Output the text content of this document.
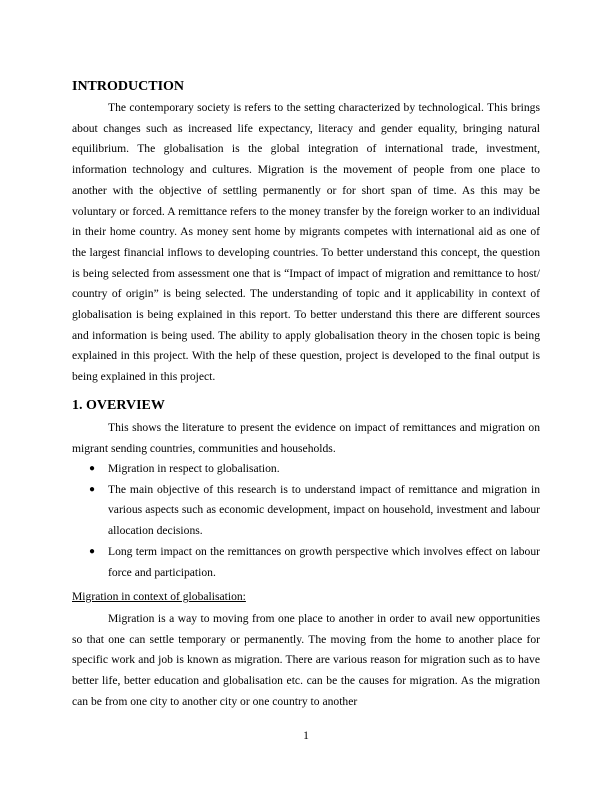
INTRODUCTION

The contemporary society is refers to the setting characterized by technological. This brings about changes such as increased life expectancy, literacy and gender equality, bringing natural equilibrium. The globalisation is the global integration of international trade, investment, information technology and cultures. Migration is the movement of people from one place to another with the objective of settling permanently or for short span of time. As this may be voluntary or forced. A remittance refers to the money transfer by the foreign worker to an individual in their home country. As money sent home by migrants competes with international aid as one of the largest financial inflows to developing countries. To better understand this concept, the question is being selected from assessment one that is “Impact of impact of migration and remittance to host/ country of origin” is being selected. The understanding of topic and it applicability in context of globalisation is being explained in this report. To better understand this there are different sources and information is being used. The ability to apply globalisation theory in the chosen topic is being explained in this project. With the help of these question, project is developed to the final output is being explained in this project.

1. OVERVIEW

This shows the literature to present the evidence on impact of remittances and migration on migrant sending countries, communities and households.

● Migration in respect to globalisation.
● The main objective of this research is to understand impact of remittance and migration in various aspects such as economic development, impact on household, investment and labour allocation decisions.
● Long term impact on the remittances on growth perspective which involves effect on labour force and participation.

Migration in context of globalisation:

Migration is a way to moving from one place to another in order to avail new opportunities so that one can settle temporary or permanently. The moving from the home to another place for specific work and job is known as migration. There are various reason for migration such as to have better life, better education and globalisation etc. can be the causes for migration. As the migration can be from one city to another city or one country to another

1
